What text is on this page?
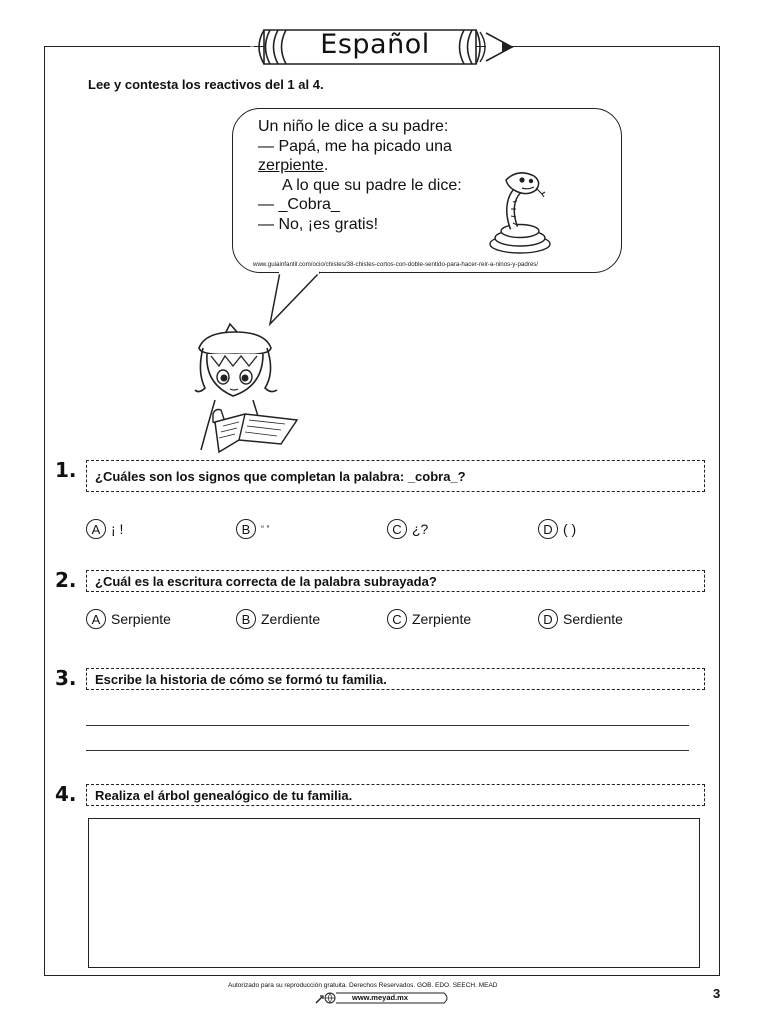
Español
Lee y contesta los reactivos del 1 al 4.
Un niño le dice a su padre:
— Papá, me ha picado una
zerpiente.
A lo que su padre le dice:
— _Cobra_
— No, ¡es gratis!
www.guiainfantil.com/ocio/chistes/38-chistes-cortos-con-doble-sentido-para-hacer-reir-a-ninos-y-padres/
1. ¿Cuáles son los signos que completan la palabra: _cobra_?
A ¡ !	B	“ ”	C ¿?	D ( )
2. ¿Cuál es la escritura correcta de la palabra subrayada?
A Serpiente	B Zerdiente	C Zerpiente	D Serdiente
3. Escribe la historia de cómo se formó tu familia.
4. Realiza el árbol genealógico de tu familia.
Autorizado para su reproducción gratuita. Derechos Reservados. GOB. EDO. SEECH. MEAD
www.meyad.mx	3
